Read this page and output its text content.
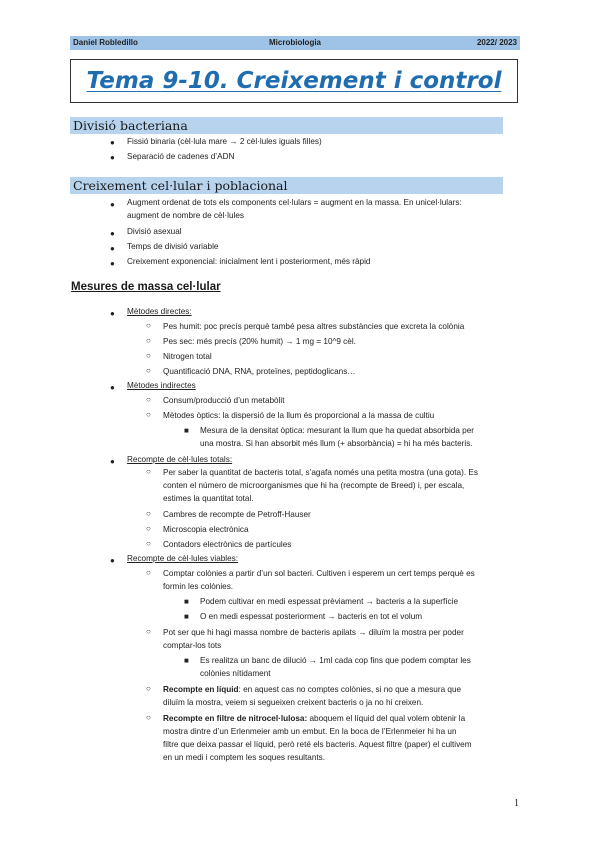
Daniel Robledillo	Microbiologia	2022/ 2023
Tema 9-10. Creixement i control
Divisió bacteriana
● Fissió binaria (cèl·lula mare → 2 cèl·lules iguals filles)
● Separació de cadenes d’ADN
Creixement cel·lular i poblacional
● Augment ordenat de tots els components cel·lulars = augment en la massa. En unicel·lulars:
augment de nombre de cèl·lules
● Divisió asexual
● Temps de divisió variable
● Creixement exponencial: inicialment lent i posteriorment, més ràpid
Mesures de massa cel·lular
● Mètodes directes:
○ Pes humit: poc precís perquè també pesa altres substàncies que excreta la colònia
○ Pes sec: més precís (20% humit) → 1 mg = 10^9 cèl.
○ Nitrogen total
○ Quantificació DNA, RNA, proteïnes, peptidoglicans…
● Mètodes indirectes
○ Consum/producció d’un metabòlit
○ Mètodes òptics: la dispersió de la llum és proporcional a la massa de cultiu
■ Mesura de la densitat òptica: mesurant la llum que ha quedat absorbida per
una mostra. Si han absorbit més llum (+ absorbància) = hi ha més bacteris.
● Recompte de cèl·lules totals:
○ Per saber la quantitat de bacteris total, s’agafa només una petita mostra (una gota). Es
conten el número de microorganismes que hi ha (recompte de Breed) i, per escala,
estimes la quantitat total.
○ Cambres de recompte de Petroff-Hauser
○ Microscopia electrònica
○ Contadors electrònics de partícules
● Recompte de cèl·lules viables:
○ Comptar colònies a partir d’un sol bacteri. Cultiven i esperem un cert temps perquè es
formin les colònies.
■ Podem cultivar en medi espessat prèviament → bacteris a la superfície
■ O en medi espessat posteriorment → bacteris en tot el volum
○ Pot ser que hi hagi massa nombre de bacteris apilats → diluïm la mostra per poder
comptar-los tots
■ Es realitza un banc de dilució → 1ml cada cop fins que podem comptar les
colònies nítidament
○ Recompte en líquid: en aquest cas no comptes colònies, si no que a mesura que
diluïm la mostra, veiem si segueixen creixent bacteris o ja no hi creixen.
○ Recompte en filtre de nitrocel·lulosa: aboquem el líquid del qual volem obtenir la
mostra dintre d’un Erlenmeier amb un embut. En la boca de l’Erlenmeier hi ha un
filtre que deixa passar el líquid, però reté els bacteris. Aquest filtre (paper) el cultivem
en un medi i comptem les soques resultants.
1
